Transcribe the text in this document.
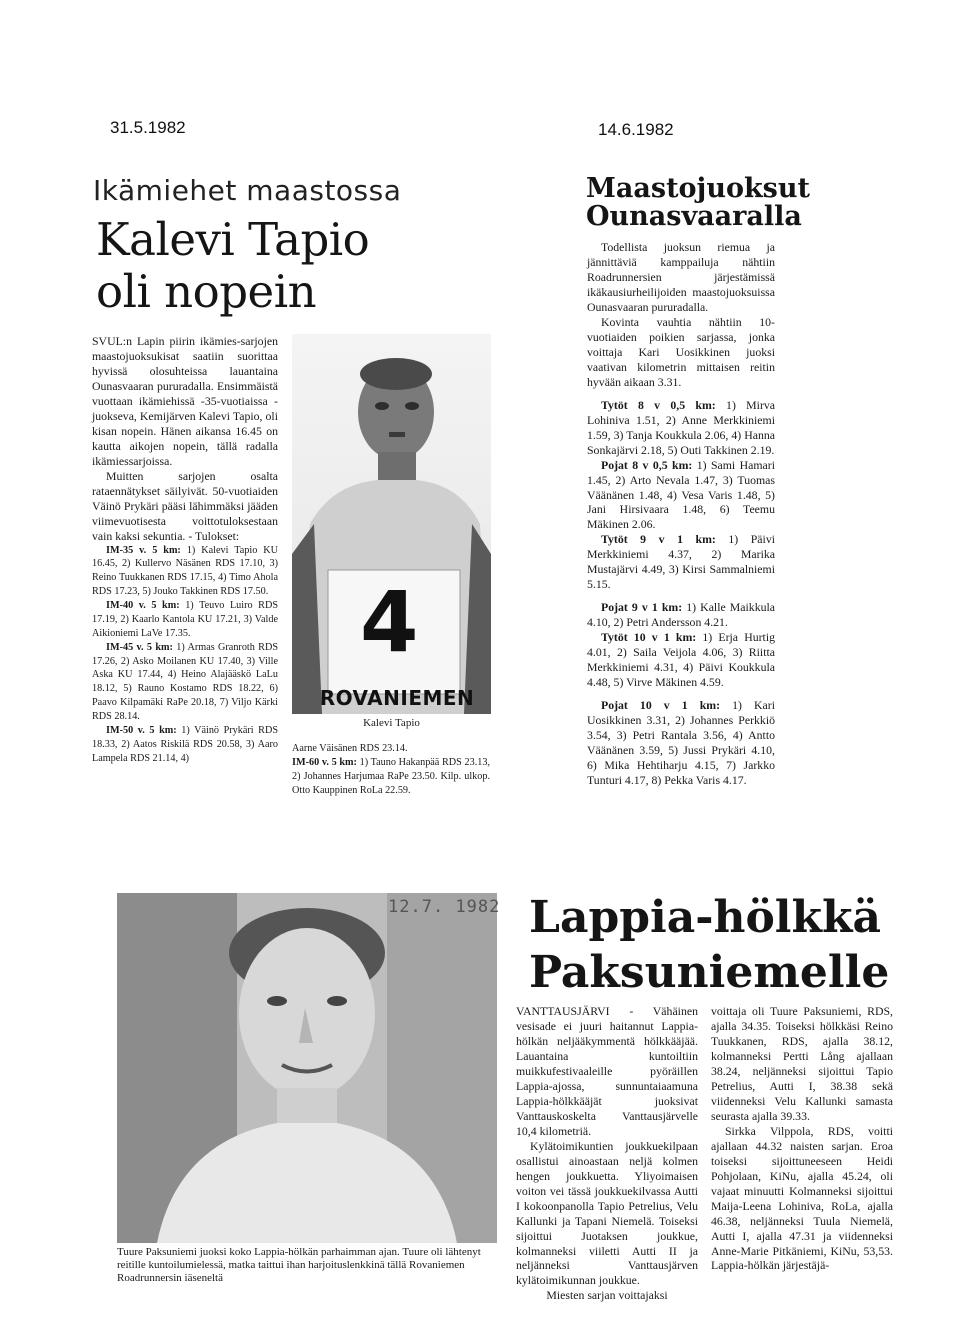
31.5.1982
Ikämiehet maastossa
Kalevi Tapio
oli nopein

SVUL:n Lapin piirin ikämies-sarjojen maastojuoksukisat saatiin suorittaa hyvissä olosuhteissa lauantaina Ounasvaaran pururadalla. Ensimmäistä vuottaan ikämiehissä -35-vuotiaissa - juokseva, Kemijärven Kalevi Tapio, oli kisan nopein. Hänen aikansa 16.45 on kautta aikojen nopein, tällä radalla ikämiessarjoissa.

Muitten sarjojen osalta rataennätykset säilyivät. 50-vuotiaiden Väinö Prykäri pääsi lähimmäksi jääden viimevuotisesta voittotuloksestaan vain kaksi sekuntia. - Tulokset:

IM-35 v. 5 km: 1) Kalevi Tapio KU 16.45, 2) Kullervo Näsänen RDS 17.10, 3) Reino Tuukkanen RDS 17.15, 4) Timo Ahola RDS 17.23, 5) Jouko Takkinen RDS 17.50.

IM-40 v. 5 km: 1) Teuvo Luiro RDS 17.19, 2) Kaarlo Kantola KU 17.21, 3) Valde Aikioniemi LaVe 17.35.

IM-45 v. 5 km: 1) Armas Granroth RDS 17.26, 2) Asko Moilanen KU 17.40, 3) Ville Aska KU 17.44, 4) Heino Alajääskö LaLu 18.12, 5) Rauno Kostamo RDS 18.22, 6) Paavo Kilpamäki RaPe 20.18, 7) Viljo Kärki RDS 28.14.

IM-50 v. 5 km: 1) Väinö Prykäri RDS 18.33, 2) Aatos Riskilä RDS 20.58, 3) Aaro Lampela RDS 21.14, 4)

4
ROVANIEMEN
Kalevi Tapio

Aarne Väisänen RDS 23.14.

IM-60 v. 5 km: 1) Tauno Hakanpää RDS 23.13, 2) Johannes Harjumaa RaPe 23.50. Kilp. ulkop. Otto Kauppinen RoLa 22.59.

14.6.1982
Maastojuoksut
Ounasvaaralla

Todellista juoksun riemua ja jännittäviä kamppailuja nähtiin Roadrunnersien järjestämissä ikäkausiurheilijoiden maastojuoksuissa Ounasvaaran pururadalla.

Kovinta vauhtia nähtiin 10-vuotiaiden poikien sarjassa, jonka voittaja Kari Uosikkinen juoksi vaativan kilometrin mittaisen reitin hyvään aikaan 3.31.

Tytöt 8 v 0,5 km: 1) Mirva Lohiniva 1.51, 2) Anne Merkkiniemi 1.59, 3) Tanja Koukkula 2.06, 4) Hanna Sonkajärvi 2.18, 5) Outi Takkinen 2.19.

Pojat 8 v 0,5 km: 1) Sami Hamari 1.45, 2) Arto Nevala 1.47, 3) Tuomas Väänänen 1.48, 4) Vesa Varis 1.48, 5) Jani Hirsivaara 1.48, 6) Teemu Mäkinen 2.06.

Tytöt 9 v 1 km: 1) Päivi Merkkiniemi 4.37, 2) Marika Mustajärvi 4.49, 3) Kirsi Sammalniemi 5.15.

Pojat 9 v 1 km: 1) Kalle Maikkula 4.10, 2) Petri Andersson 4.21.

Tytöt 10 v 1 km: 1) Erja Hurtig 4.01, 2) Saila Veijola 4.06, 3) Riitta Merkkiniemi 4.31, 4) Päivi Koukkula 4.48, 5) Virve Mäkinen 4.59.

Pojat 10 v 1 km: 1) Kari Uosikkinen 3.31, 2) Johannes Perkkiö 3.54, 3) Petri Rantala 3.56, 4) Antto Väänänen 3.59, 5) Jussi Prykäri 4.10, 6) Mika Hehtiharju 4.15, 7) Jarkko Tunturi 4.17, 8) Pekka Varis 4.17.

12.7. 1982
Tuure Paksuniemi juoksi koko Lappia-hölkän parhaimman ajan. Tuure oli lähtenyt reitille kuntoilumielessä, matka taittui ihan harjoituslenkkinä tällä Rovaniemen Roadrunnersin iäseneltä
Lappia-hölkkä
Paksuniemelle

VANTTAUSJÄRVI - Vähäinen vesisade ei juuri haitannut Lappia-hölkän neljääkymmentä hölkkääjää. Lauantaina kuntoiltiin muikkufestivaaleille pyöräillen Lappia-ajossa, sunnuntaiaamuna Lappia-hölkkääjät juoksivat Vanttauskoskelta Vanttausjärvelle 10,4 kilometriä.

Kylätoimikuntien joukkuekilpaan osallistui ainoastaan neljä kolmen hengen joukkuetta. Yliyoimaisen voiton vei tässä joukkuekilvassa Autti I kokoonpanolla Tapio Petrelius, Velu Kallunki ja Tapani Niemelä. Toiseksi sijoittui Juotaksen joukkue, kolmanneksi viiletti Autti II ja neljänneksi Vanttausjärven kylätoimikunnan joukkue.

Miesten sarjan voittajaksi

voittaja oli Tuure Paksuniemi, RDS, ajalla 34.35. Toiseksi hölkkäsi Reino Tuukkanen, RDS, ajalla 38.12, kolmanneksi Pertti Lång ajallaan 38.24, neljänneksi sijoittui Tapio Petrelius, Autti I, 38.38 sekä viidenneksi Velu Kallunki samasta seurasta ajalla 39.33.

Sirkka Vilppola, RDS, voitti ajallaan 44.32 naisten sarjan. Eroa toiseksi sijoittuneeseen Heidi Pohjolaan, KiNu, ajalla 45.24, oli vajaat minuutti Kolmanneksi sijoittui Maija-Leena Lohiniva, RoLa, ajalla 46.38, neljänneksi Tuula Niemelä, Autti I, ajalla 47.31 ja viidenneksi Anne-Marie Pitkäniemi, KiNu, 53,53. Lappia-hölkän järjestäjä-
